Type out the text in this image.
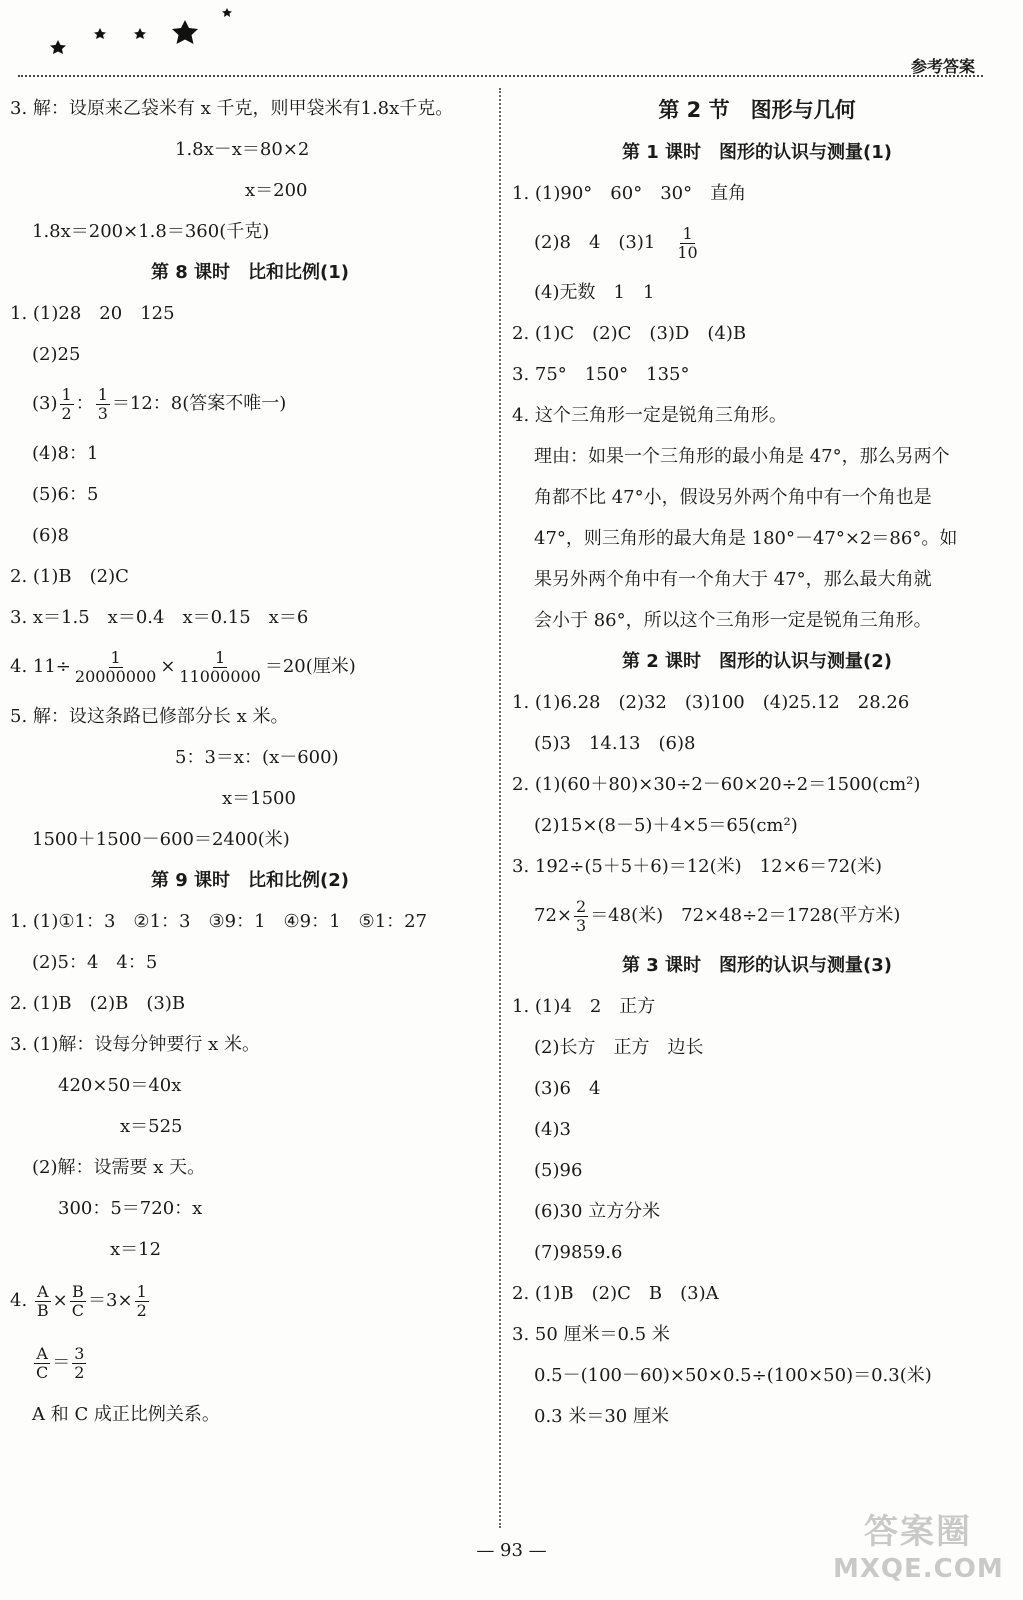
参考答案
3. 解：设原来乙袋米有 x 千克，则甲袋米有1.8x千克。
1.8x－x＝80×2
x＝200
1.8x＝200×1.8＝360(千克)
第 8 课时　比和比例(1)
1. (1)28　20　125
(2)25
$(3) \frac{1}{2}$ ： $\frac{1}{3} =12$：8(答案不唯一)
(4)8：1
(5)6：5
(6)8
2. (1)B　(2)C
3. x＝1.5　x＝0.4　x＝0.15　x＝6
4. $11\div \frac{1}{20000000} \times \frac{1}{11000000} =20$(厘米)
5. 解：设这条路已修部分长 x 米。
5：3＝x：(x－600)
x＝1500
1500＋1500－600＝2400(米)
第 9 课时　比和比例(2)
1. (1)①1：3　②1：3　③9：1　④9：1　⑤1：27
(2)5：4　4：5
2. (1)B　(2)B　(3)B
3. (1)解：设每分钟要行 x 米。
420×50＝40x
x＝525
(2)解：设需要 x 天。
300：5＝720：x
x＝12
4. $\frac{A}{B} \times \frac{B}{C} =3\times \frac{1}{2}$
$\frac{A}{C} = \frac{3}{2}$
A 和 C 成正比例关系。
第 2 节　图形与几何
第 1 课时　图形的认识与测量(1)
1. (1)90°　60°　30°　直角
(2)8　4　(3)1　 $\frac{1}{10}$
(4)无数　1　1
2. (1)C　(2)C　(3)D　(4)B
3. 75°　150°　135°
4. 这个三角形一定是锐角三角形。
理由：如果一个三角形的最小角是 47°，那么另两个
角都不比 47°小，假设另外两个角中有一个角也是
47°，则三角形的最大角是 180°－47°×2＝86°。如
果另外两个角中有一个角大于 47°，那么最大角就
会小于 86°，所以这个三角形一定是锐角三角形。
第 2 课时　图形的认识与测量(2)
1. (1)6.28　(2)32　(3)100　(4)25.12　28.26
(5)3　14.13　(6)8
2. (1)(60＋80)×30÷2－60×20÷2＝1500(cm²)
(2)15×(8－5)＋4×5＝65(cm²)
3. 192÷(5＋5＋6)＝12(米)　12×6＝72(米)
$72\times \frac{2}{3} =48$(米)　72×48÷2＝1728(平方米)
第 3 课时　图形的认识与测量(3)
1. (1)4　2　正方
(2)长方　正方　边长
(3)6　4
(4)3
(5)96
(6)30 立方分米
(7)9859.6
2. (1)B　(2)C　B　(3)A
3. 50 厘米＝0.5 米
0.5－(100－60)×50×0.5÷(100×50)＝0.3(米)
0.3 米＝30 厘米
— 93 —	答案圈
MXQE.COM
